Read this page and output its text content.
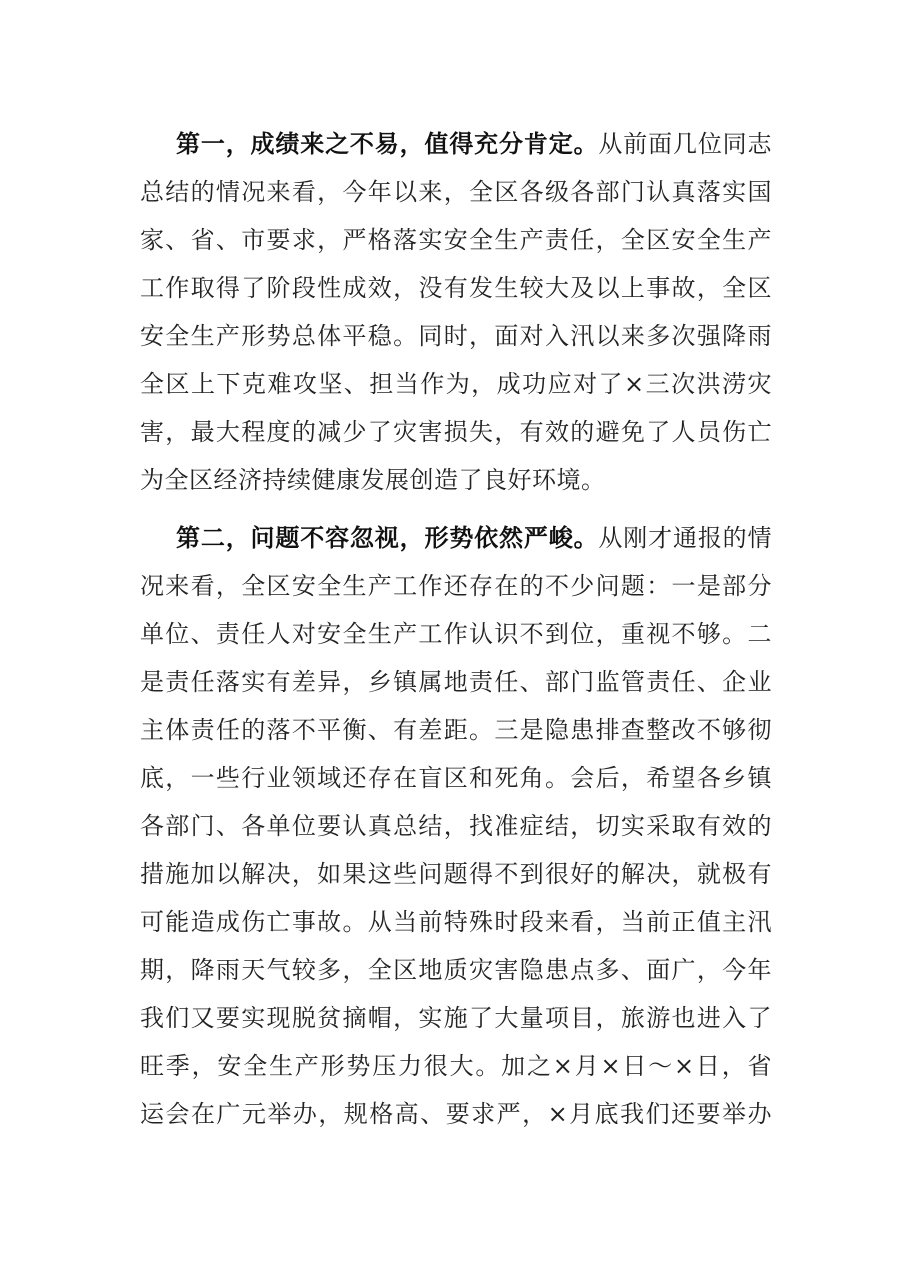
第一，成绩来之不易，值得充分肯定。从前面几位同志
总结的情况来看，今年以来，全区各级各部门认真落实国
家、省、市要求，严格落实安全生产责任，全区安全生产
工作取得了阶段性成效，没有发生较大及以上事故，全区
安全生产形势总体平稳。同时，面对入汛以来多次强降雨
全区上下克难攻坚、担当作为，成功应对了×三次洪涝灾
害，最大程度的减少了灾害损失，有效的避免了人员伤亡
为全区经济持续健康发展创造了良好环境。
第二，问题不容忽视，形势依然严峻。从刚才通报的情
况来看，全区安全生产工作还存在的不少问题：一是部分
单位、责任人对安全生产工作认识不到位，重视不够。二
是责任落实有差异，乡镇属地责任、部门监管责任、企业
主体责任的落不平衡、有差距。三是隐患排查整改不够彻
底，一些行业领域还存在盲区和死角。会后，希望各乡镇
各部门、各单位要认真总结，找准症结，切实采取有效的
措施加以解决，如果这些问题得不到很好的解决，就极有
可能造成伤亡事故。从当前特殊时段来看，当前正值主汛
期，降雨天气较多，全区地质灾害隐患点多、面广，今年
我们又要实现脱贫摘帽，实施了大量项目，旅游也进入了
旺季，安全生产形势压力很大。加之×月×日～×日，省
运会在广元举办，规格高、要求严，×月底我们还要举办
